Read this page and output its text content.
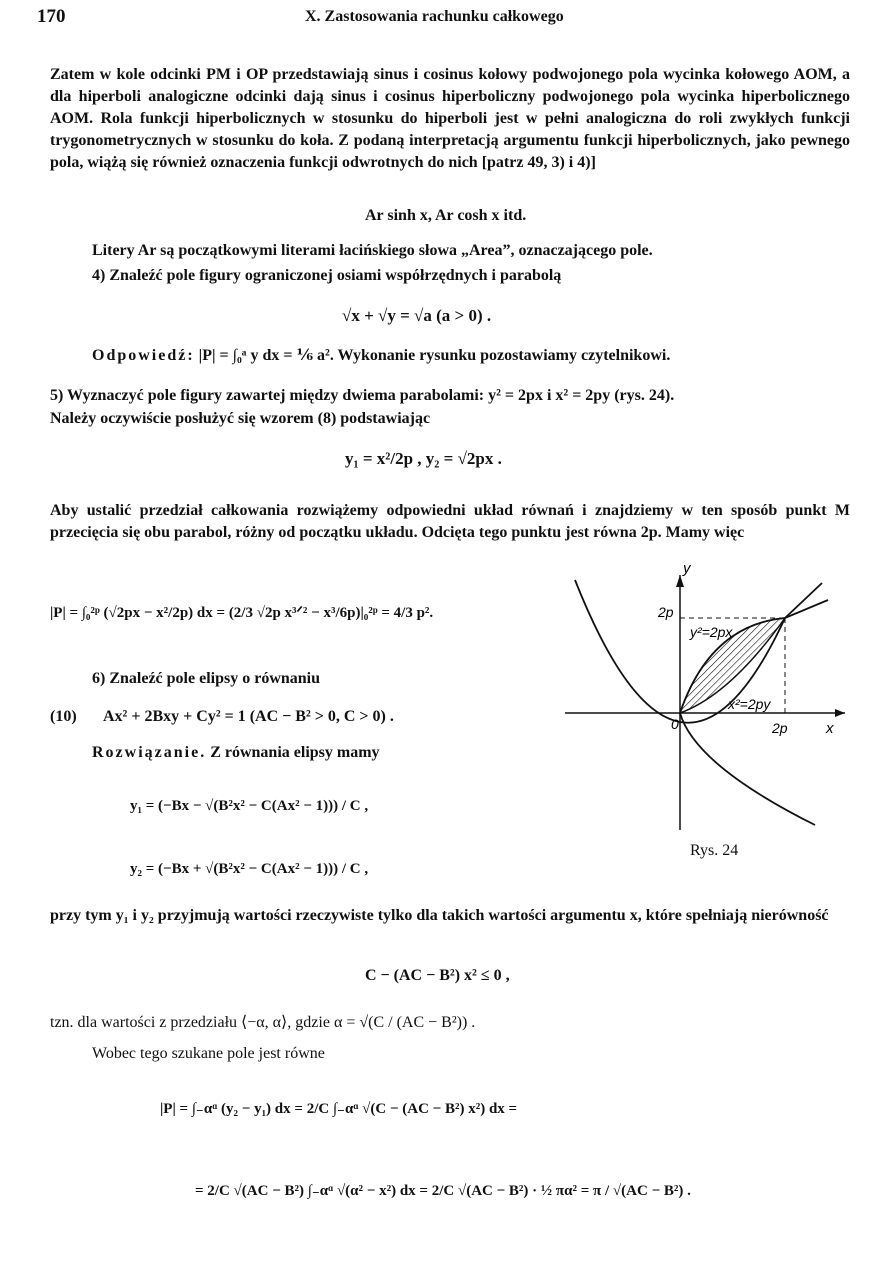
170	X. Zastosowania rachunku całkowego
Zatem w kole odcinki PM i OP przedstawiają sinus i cosinus kołowy podwojonego pola wycinka kołowego AOM, a dla hiperboli analogiczne odcinki dają sinus i cosinus hiperboliczny podwojonego pola wycinka hiperbolicznego AOM. Rola funkcji hiperbolicznych w stosunku do hiperboli jest w pełni analogiczna do roli zwykłych funkcji trygonometrycznych w stosunku do koła. Z podaną interpretacją argumentu funkcji hiperbolicznych, jako pewnego pola, wiążą się również oznaczenia funkcji odwrotnych do nich [patrz 49, 3) i 4)]
Ar sinh x, Ar cosh x itd.
Litery Ar są początkowymi literami łacińskiego słowa „Area”, oznaczającego pole.
4) Znaleźć pole figury ograniczonej osiami współrzędnych i parabolą
√x + √y = √a (a > 0) .
Odpowiedź: |P| = ∫₀ᵃ y dx = ⅙ a². Wykonanie rysunku pozostawiamy czytelnikowi.
5) Wyznaczyć pole figury zawartej między dwiema parabolami: y² = 2px i x² = 2py (rys. 24).
Należy oczywiście posłużyć się wzorem (8) podstawiając
y₁ = x²/2p , y₂ = √2px .
Aby ustalić przedział całkowania rozwiążemy odpowiedni układ równań i znajdziemy w ten sposób punkt M przecięcia się obu parabol, różny od początku układu. Odcięta tego punktu jest równa 2p. Mamy więc
|P| = ∫₀²ᵖ (√2px − x²/2p) dx = (2/3 √2p x³ᐟ² − x³/6p)|₀²ᵖ = 4/3 p².
6) Znaleźć pole elipsy o równaniu
(10) Ax² + 2Bxy + Cy² = 1 (AC − B² > 0, C > 0) .
Rozwiązanie. Z równania elipsy mamy
y₁ = (−Bx − √(B²x² − C(Ax² − 1))) / C ,
y₂ = (−Bx + √(B²x² − C(Ax² − 1))) / C ,
y
x
0	2p
2p
y²=2px
x²=2py
Rys. 24
przy tym y₁ i y₂ przyjmują wartości rzeczywiste tylko dla takich wartości argumentu x, które spełniają nierówność
C − (AC − B²) x² ≤ 0 ,
tzn. dla wartości z przedziału ⟨−α, α⟩, gdzie α = √(C / (AC − B²)) .
Wobec tego szukane pole jest równe
|P| = ∫₋αᵅ (y₂ − y₁) dx = 2/C ∫₋αᵅ √(C − (AC − B²) x²) dx =
= 2/C √(AC − B²) ∫₋αᵅ √(α² − x²) dx = 2/C √(AC − B²) · ½ πα² = π / √(AC − B²) .
